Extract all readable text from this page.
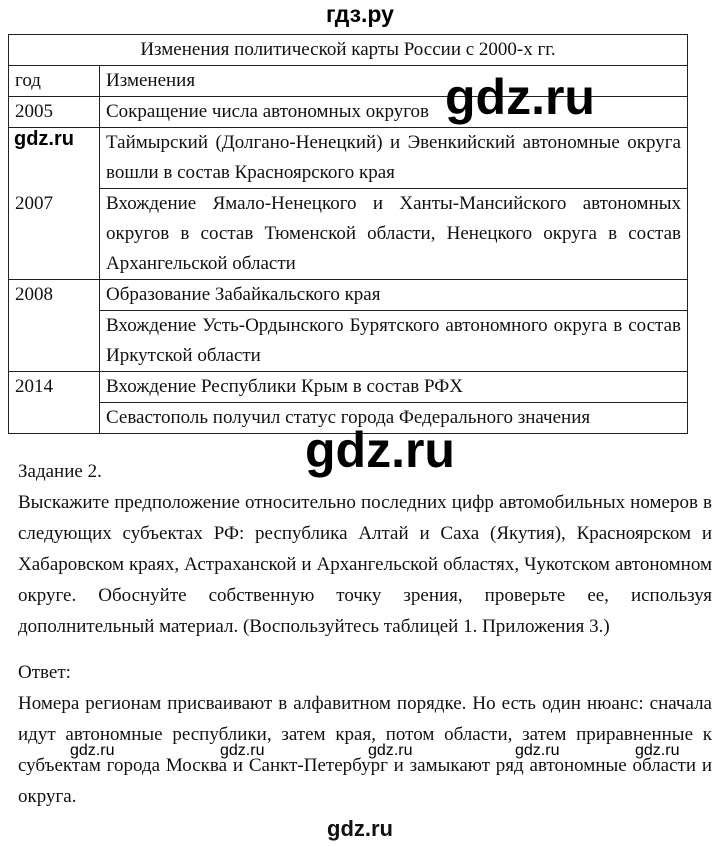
гдз.ру
Изменения политической карты России с 2000-х гг.	
год	Изменения
2005	Сокращение числа автономных округов
2007	Таймырский (Долгано-Ненецкий) и Эвенкийский автономные округа вошли в состав Красноярского края
	Вхождение Ямало-Ненецкого и Ханты-Мансийского автономных округов в состав Тюменской области, Ненецкого округа в состав Архангельской области
2008	Образование Забайкальского края
	Вхождение Усть-Ордынского Бурятского автономного округа в состав Иркутской области
2014	Вхождение Республики Крым в состав РФХ
	Севастополь получил статус города Федерального значения
gdz.ru
gdz.ru
gdz.ru
Задание 2.
Выскажите предположение относительно последних цифр автомобильных номеров в следующих субъектах РФ: республика Алтай и Саха (Якутия), Красноярском и Хабаровском краях, Астраханской и Архангельской областях, Чукотском автономном округе. Обоснуйте собственную точку зрения, проверьте ее, используя дополнительный материал. (Воспользуйтесь таблицей 1. Приложения 3.)
Ответ:
Номера регионам присваивают в алфавитном порядке. Но есть один нюанс: сначала идут автономные республики, затем края, потом области, затем приравненные к субъектам города Москва и Санкт-Петербург и замыкают ряд автономные области и округа.
gdz.ru	gdz.ru	gdz.ru	gdz.ru	gdz.ru
gdz.ru
